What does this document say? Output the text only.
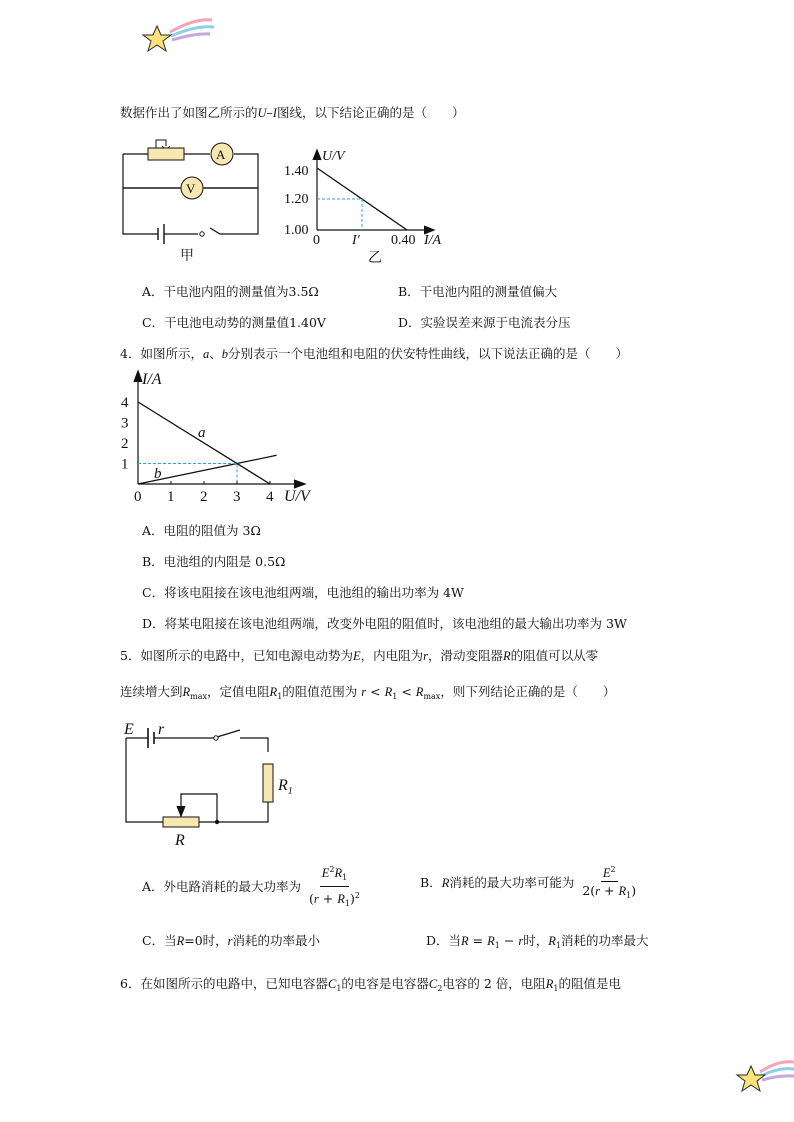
数据作出了如图乙所示的U–I图线，以下结论正确的是（　　）
A
V
甲
U/V
1.40
1.20
1.00
0 I′ 0.40 I/A
乙
A．干电池内阻的测量值为3.5Ω	B．干电池内阻的测量值偏大
C．干电池电动势的测量值1.40V	D．实验误差来源于电流表分压
4．如图所示，a、b分别表示一个电池组和电阻的伏安特性曲线，以下说法正确的是（　　）
0 1 2 3 4
1
2
3
4
I/A
U/V
a
b
A．电阻的阻值为 3Ω
B．电池组的内阻是 0.5Ω
C．将该电阻接在该电池组两端，电池组的输出功率为 4W
D．将某电阻接在该电池组两端，改变外电阻的阻值时，该电池组的最大输出功率为 3W
5．如图所示的电路中，已知电源电动势为E，内电阻为r，滑动变阻器R的阻值可以从零
连续增大到$R_{max}$，定值电阻$R_1$的阻值范围为 $r < R_1 < R_{max}$，则下列结论正确的是（　　）
E r
$R_1$
R
A．外电路消耗的最大功率为 $\frac{E^2R_1}{(r + R_1)^2}$	B．R消耗的最大功率可能为 $\frac{E^2}{2(r + R_1)}$
C．当R=0时，r消耗的功率最小	D．当$R = R_1 - r$时，$R_1$消耗的功率最大
6．在如图所示的电路中，已知电容器$C_1$的电容是电容器$C_2$电容的 2 倍，电阻$R_1$的阻值是电
